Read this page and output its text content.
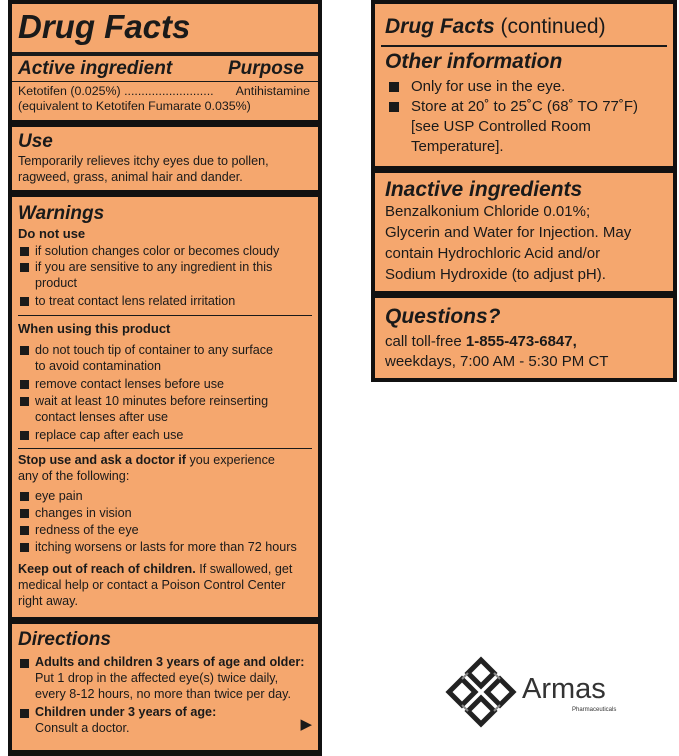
Drug Facts
Active ingredient	Purpose
Ketotifen (0.025%) .......................... Antihistamine
(equivalent to Ketotifen Fumarate 0.035%)
Use
Temporarily relieves itchy eyes due to pollen,
ragweed, grass, animal hair and dander.
Warnings
Do not use
if solution changes color or becomes cloudy
if you are sensitive to any ingredient in this
product
to treat contact lens related irritation
When using this product
do not touch tip of container to any surface
to avoid contamination
remove contact lenses before use
wait at least 10 minutes before reinserting
contact lenses after use
replace cap after each use
Stop use and ask a doctor if you experience
any of the following:
eye pain
changes in vision
redness of the eye
itching worsens or lasts for more than 72 hours
Keep out of reach of children. If swallowed, get
medical help or contact a Poison Control Center
right away.
Directions
Adults and children 3 years of age and older:
Put 1 drop in the affected eye(s) twice daily,
every 8-12 hours, no more than twice per day.
Children under 3 years of age:
Consult a doctor.	▶
Drug Facts (continued)
Other information
Only for use in the eye.
Store at 20˚ to 25˚C (68˚ TO 77˚F)
[see USP Controlled Room
Temperature].
Inactive ingredients
Benzalkonium Chloride 0.01%;
Glycerin and Water for Injection. May
contain Hydrochloric Acid and/or
Sodium Hydroxide (to adjust pH).
Questions?
call toll-free 1-855-473-6847,
weekdays, 7:00 AM - 5:30 PM CT
Armas
Pharmaceuticals
